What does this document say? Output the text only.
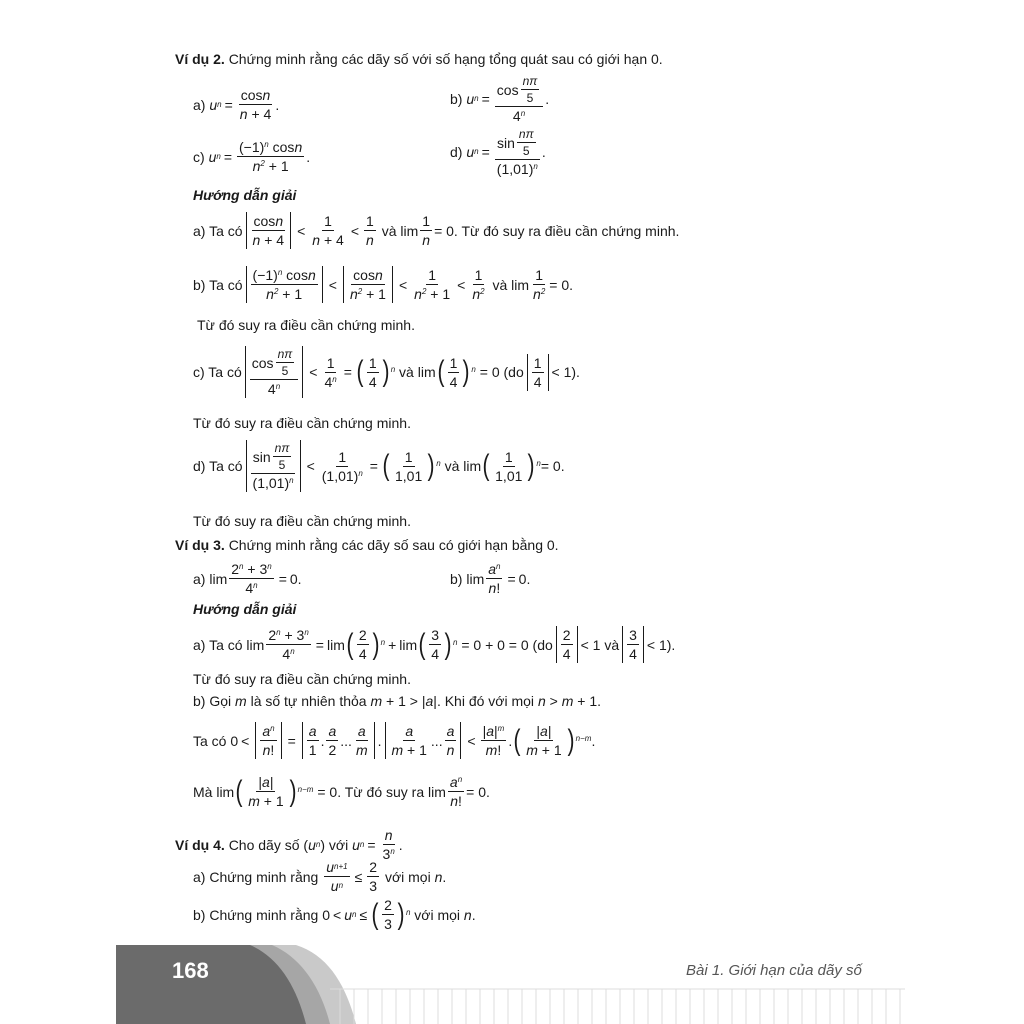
Ví dụ 2.
Chứng minh rằng các dãy số với số hạng tổng quát sau có giới hạn 0.
a)
u $n = \frac{\text{cos n}}{n + 4}$ .	b)
u n = cos
nπ
5
4$^n$ .
c)
u $n = \frac{(-1)^n \cos n}{n^2 + 1}$ .	d)
u n = sin
nπ
5
$(1,01)^n$ .
Hướng dẫn giải
a) Ta có
cos n
n + 4
<
1
n + 4
<
1
n

và $\lim \frac{1}{n} = 0$. Từ đó suy ra điều cần chứng minh.
b) Ta có
$(-1)^n$ cos n
$n^2 + 1$
<
cos n
$n^2 + 1$
<
1
$n^2 + 1$
<
1
$n^2$
và $\lim \frac{1}{n^2} = 0$.
Từ đó suy ra điều cần chứng minh.
c) Ta có
cos
nπ
5
$4^n$
< $\frac{1}{4^n}$ = ( 1
4 )$^n$
và lim ( 1
4 )$^n$
= 0 (do
1
4
< 1).
Từ đó suy ra điều cần chứng minh.
d) Ta có
sin
nπ
5
$(1,01)^n$
< $\frac{1}{(1,01)^n}$ = ( 1
1,01 )$^n$
và lim ( 1
1,01 )$^n$ = 0.
Từ đó suy ra điều cần chứng minh.
Ví dụ 3.
Chứng minh rằng các dãy số sau có giới hạn bằng 0.
a) $\lim \frac{2^n + 3^n}{4^n} = 0$.	b) $\lim \frac{a^n}{n !} = 0$.
Hướng dẫn giải
a) Ta có $\lim \frac{2^n + 3^n}{4^n} = \lim$ ( 2
4 )$^n$ + lim ( 3
4 )$^n$
= 0 + 0 = 0 (do
2
4
< 1 và
3
4
< 1).
Từ đó suy ra điều cần chứng minh.
b) Gọi
m
là số tự nhiên thỏa
m + 1 > | a | . Khi đó với mọi
n > m + 1.
Ta có 0 <
$a^n$
n !
=
a
1
.
a
2
...
a
m
.
a
m + 1
...
a
n
<
| a $|^m$
m !
. ( | a |
m + 1 )$^{n-m}$ .
Mà lim ( | a |
m + 1 )$^{n-m}$
= 0. Từ đó suy ra $\lim \frac{a^n}{n !} = 0$.
Ví dụ 4.
Cho dãy số ( u n ) với
u $n = \frac{n}{3^n}$ .
a) Chứng minh rằng
$\frac{\text{u n+1}}{\text{u n}} \le \frac{2}{3}$
với mọi
n .
b) Chứng minh rằng 0 < u n ≤ ( 2
3 )$^n$
với mọi
n .
168	Bài 1. Giới hạn của dãy số
